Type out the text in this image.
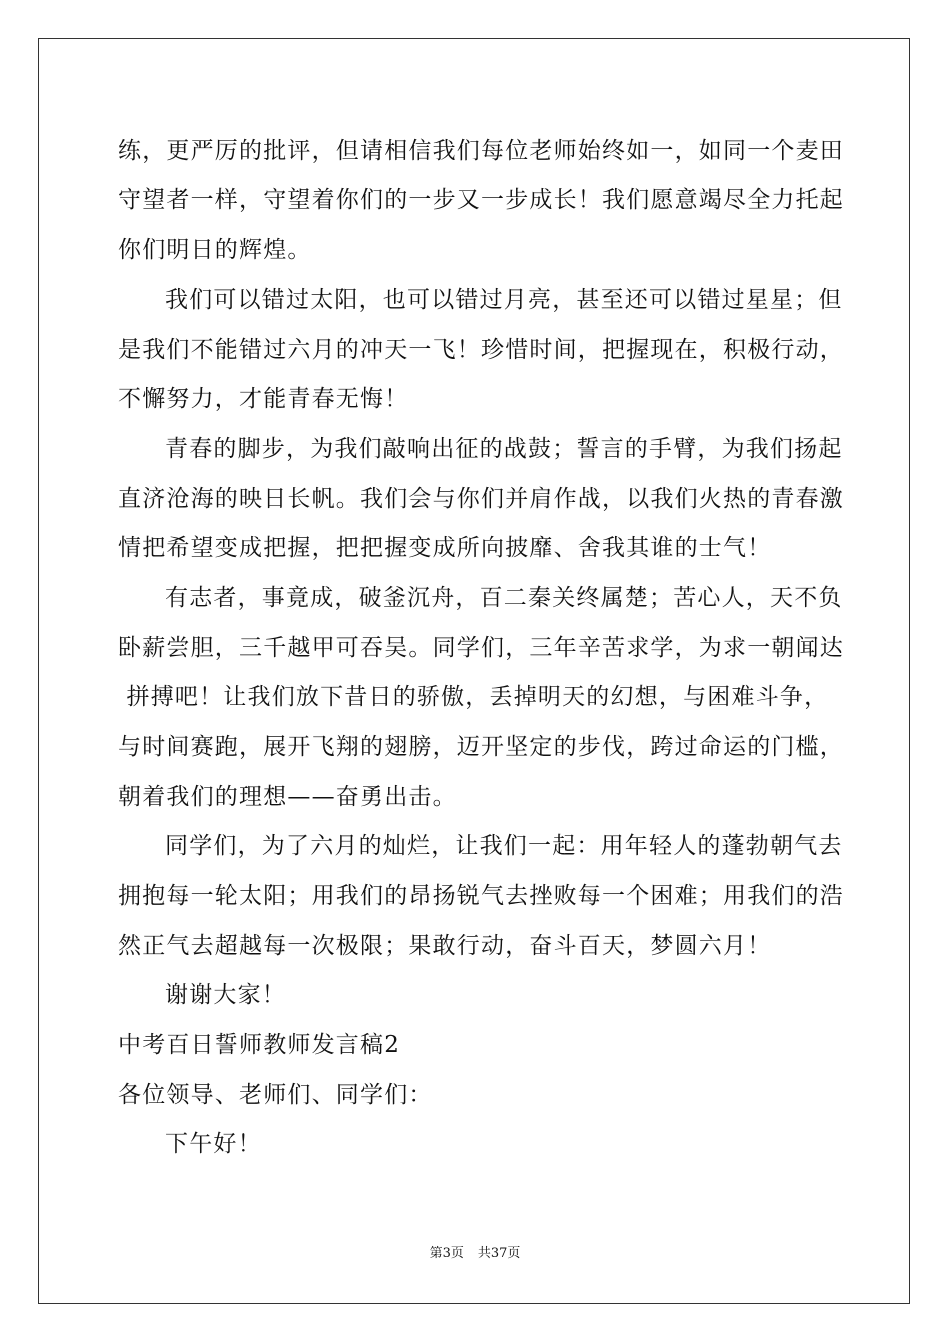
练，更严厉的批评，但请相信我们每位老师始终如一，如同一个麦田
守望者一样，守望着你们的一步又一步成长！我们愿意竭尽全力托起
你们明日的辉煌。
我们可以错过太阳，也可以错过月亮，甚至还可以错过星星；但
是我们不能错过六月的冲天一飞！珍惜时间，把握现在，积极行动，
不懈努力，才能青春无悔！
青春的脚步，为我们敲响出征的战鼓；誓言的手臂，为我们扬起
直济沧海的映日长帆。我们会与你们并肩作战，以我们火热的青春激
情把希望变成把握，把把握变成所向披靡、舍我其谁的士气！
有志者，事竟成，破釜沉舟，百二秦关终属楚；苦心人，天不负
卧薪尝胆，三千越甲可吞吴。同学们，三年辛苦求学，为求一朝闻达
拼搏吧！让我们放下昔日的骄傲，丢掉明天的幻想，与困难斗争，
与时间赛跑，展开飞翔的翅膀，迈开坚定的步伐，跨过命运的门槛，
朝着我们的理想——奋勇出击。
同学们，为了六月的灿烂，让我们一起：用年轻人的蓬勃朝气去
拥抱每一轮太阳；用我们的昂扬锐气去挫败每一个困难；用我们的浩
然正气去超越每一次极限；果敢行动，奋斗百天，梦圆六月！
谢谢大家！
中考百日誓师教师发言稿2
各位领导、老师们、同学们：
下午好！
第3页 共37页
